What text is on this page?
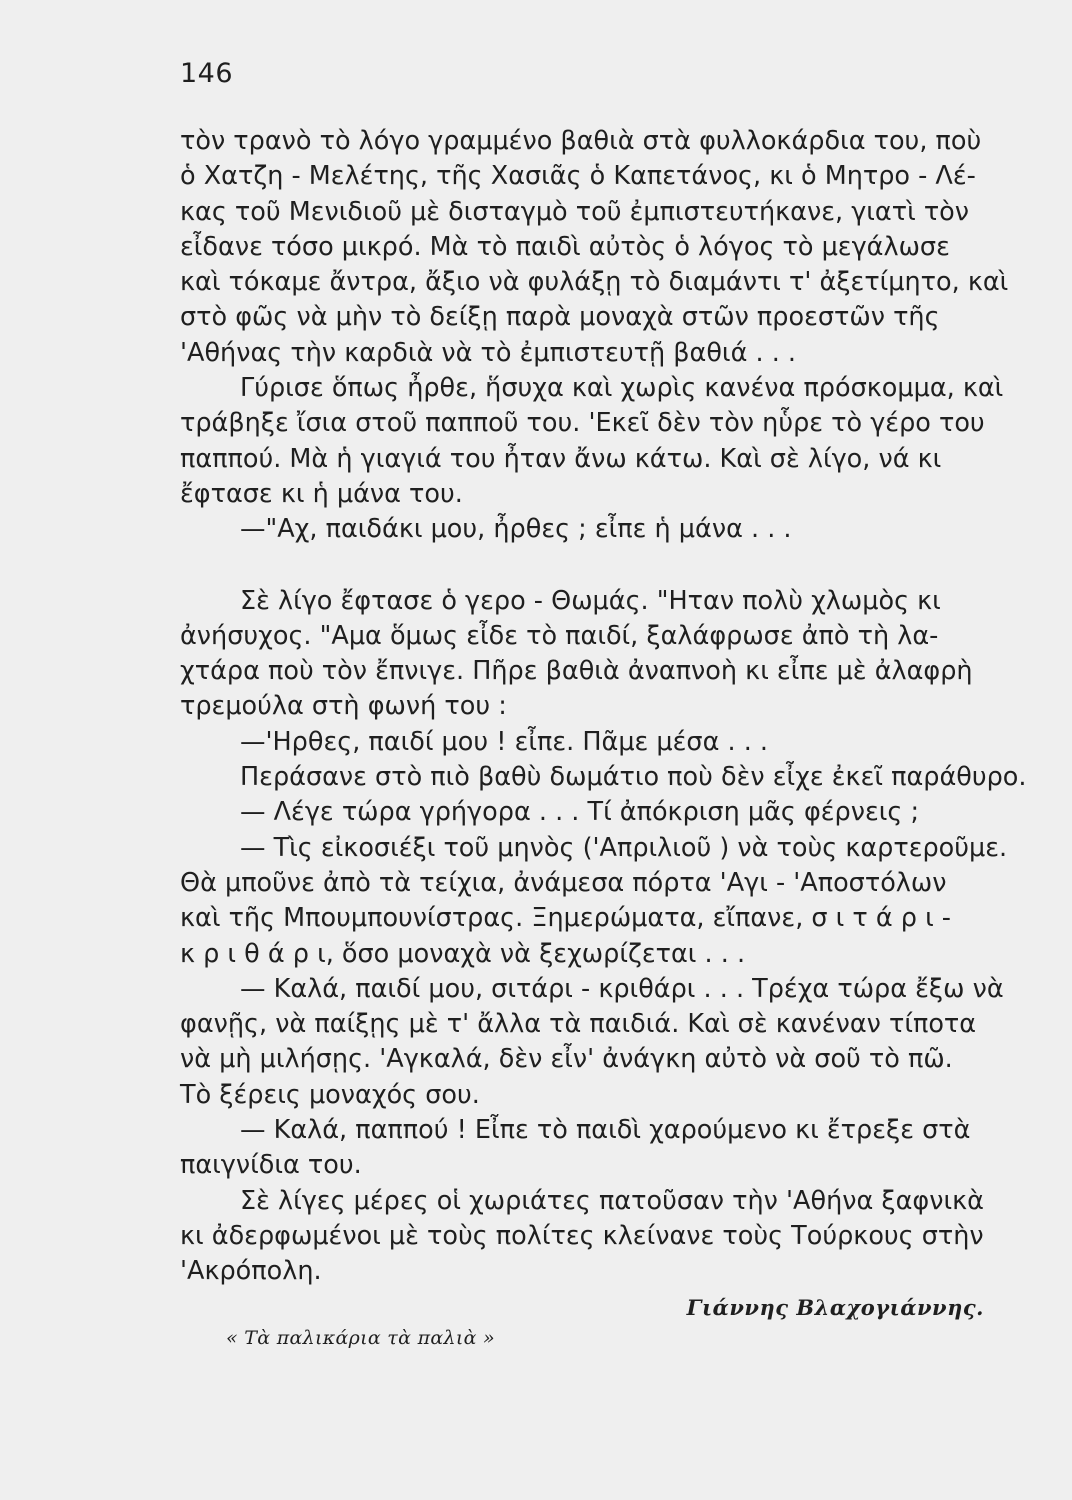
146
τὸν τρανὸ τὸ λόγο γραμμένο βαθιὰ στὰ φυλλοκάρδια του, ποὺ
ὁ Χατζη - Μελέτης, τῆς Χασιᾶς ὁ Καπετάνος, κι ὁ Μητρο - Λέ-
κας τοῦ Μενιδιοῦ μὲ δισταγμὸ τοῦ ἐμπιστευτήκανε, γιατὶ τὸν
εἶδανε τόσο μικρό. Μὰ τὸ παιδὶ αὐτὸς ὁ λόγος τὸ μεγάλωσε
καὶ τόκαμε ἄντρα, ἄξιο νὰ φυλάξῃ τὸ διαμάντι τ' ἀξετίμητο, καὶ
στὸ φῶς νὰ μὴν τὸ δείξῃ παρὰ μοναχὰ στῶν προεστῶν τῆς
'Αθήνας τὴν καρδιὰ νὰ τὸ ἐμπιστευτῇ βαθιά . . .
Γύρισε ὅπως ἦρθε, ἥσυχα καὶ χωρὶς κανένα πρόσκομμα, καὶ
τράβηξε ἴσια στοῦ παπποῦ του. 'Εκεῖ δὲν τὸν ηὗρε τὸ γέρο του
παππού. Μὰ ἡ γιαγιά του ἦταν ἄνω κάτω. Καὶ σὲ λίγο, νά κι
ἔφτασε κι ἡ μάνα του.
—"Αχ, παιδάκι μου, ἦρθες ; εἶπε ἡ μάνα . . .
Σὲ λίγο ἔφτασε ὁ γερο - Θωμάς. "Ηταν πολὺ χλωμὸς κι
ἀνήσυχος. "Αμα ὅμως εἶδε τὸ παιδί, ξαλάφρωσε ἀπὸ τὴ λα-
χτάρα ποὺ τὸν ἔπνιγε. Πῆρε βαθιὰ ἀναπνοὴ κι εἶπε μὲ ἀλαφρὴ
τρεμούλα στὴ φωνή του :
—'Ηρθες, παιδί μου ! εἶπε. Πᾶμε μέσα . . .
Περάσανε στὸ πιὸ βαθὺ δωμάτιο ποὺ δὲν εἶχε ἐκεῖ παράθυρο.
— Λέγε τώρα γρήγορα . . . Τί ἀπόκριση μᾶς φέρνεις ;
— Τὶς εἰκοσιέξι τοῦ μηνὸς ('Απριλιοῦ ) νὰ τοὺς καρτεροῦμε.
Θὰ μποῦνε ἀπὸ τὰ τείχια, ἀνάμεσα πόρτα 'Αγι - 'Αποστόλων
καὶ τῆς Μπουμπουνίστρας. Ξημερώματα, εἴπανε, σ ι τ ά ρ ι -
κ ρ ι θ ά ρ ι, ὅσο μοναχὰ νὰ ξεχωρίζεται . . .
— Καλά, παιδί μου, σιτάρι - κριθάρι . . . Τρέχα τώρα ἔξω νὰ
φανῇς, νὰ παίξῃς μὲ τ' ἄλλα τὰ παιδιά. Καὶ σὲ κανέναν τίποτα
νὰ μὴ μιλήσῃς. 'Αγκαλά, δὲν εἶν' ἀνάγκη αὐτὸ νὰ σοῦ τὸ πῶ.
Τὸ ξέρεις μοναχός σου.
— Καλά, παππού ! Εἶπε τὸ παιδὶ χαρούμενο κι ἔτρεξε στὰ
παιγνίδια του.
Σὲ λίγες μέρες οἱ χωριάτες πατοῦσαν τὴν 'Αθήνα ξαφνικὰ
κι ἀδερφωμένοι μὲ τοὺς πολίτες κλείνανε τοὺς Τούρκους στὴν
'Ακρόπολη.
Γιάννης Βλαχογιάννης.
« Τὰ παλικάρια τὰ παλιὰ »
